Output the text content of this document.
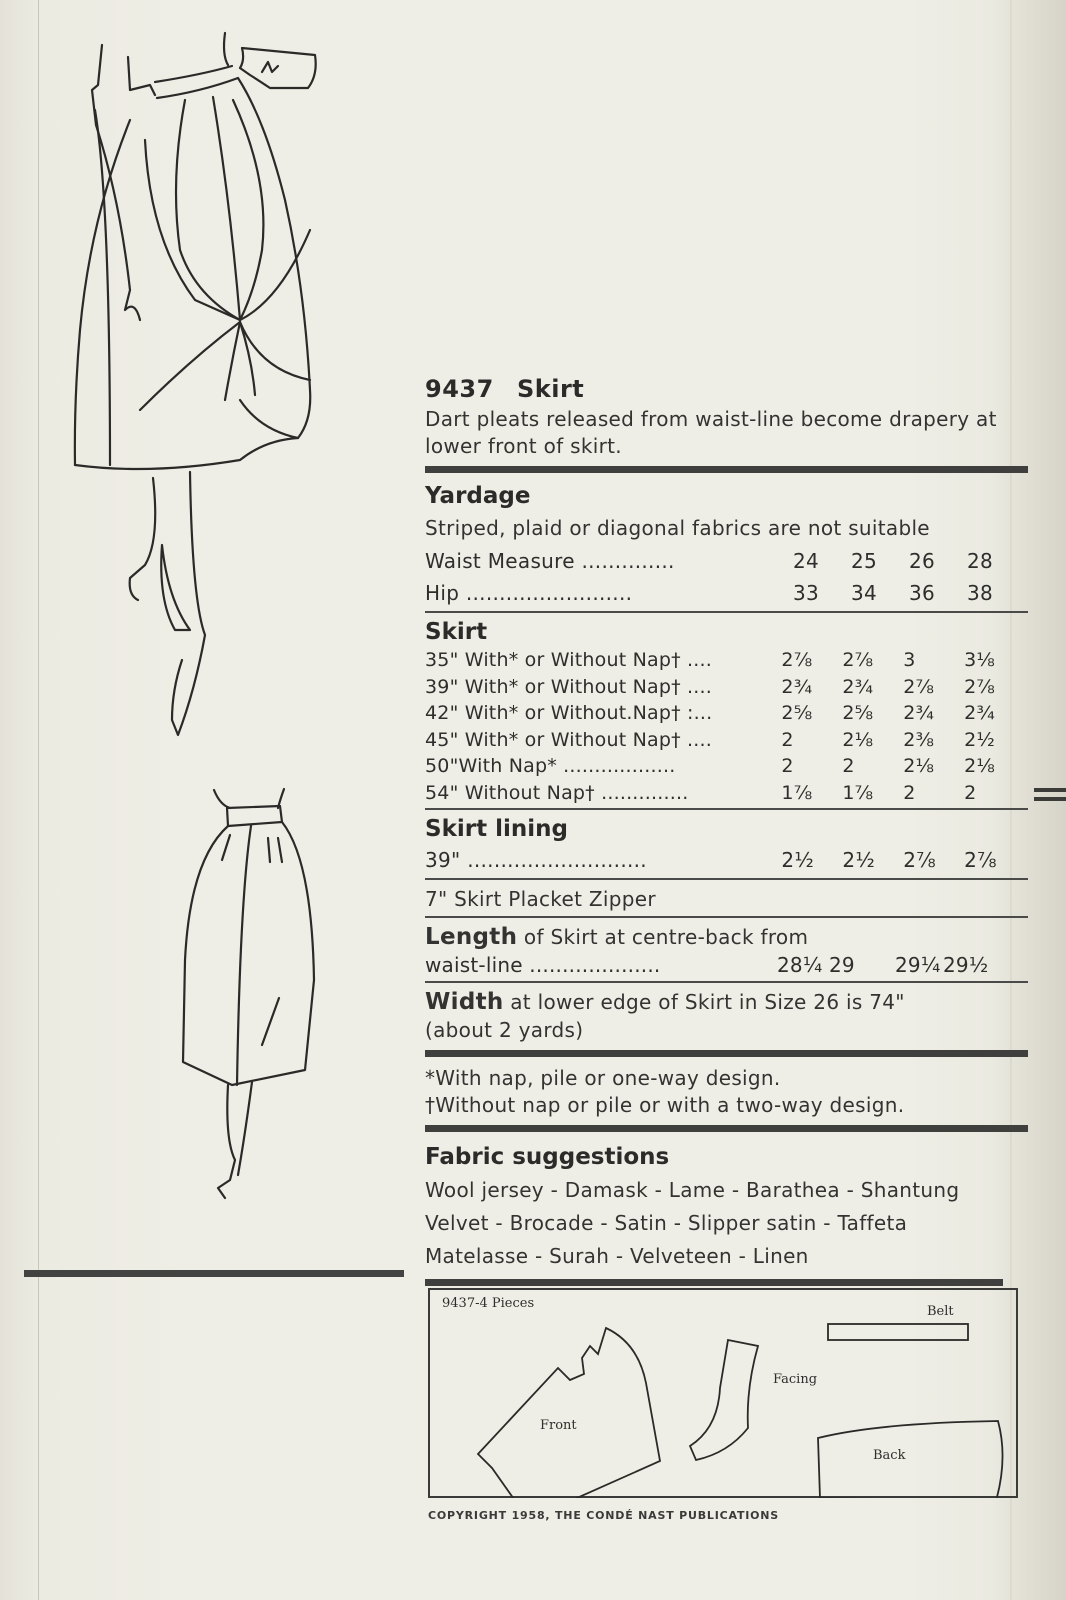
9437 Skirt
Dart pleats released from waist-line become drapery at lower front of skirt.
Yardage
Striped, plaid or diagonal fabrics are not suitable
Waist Measure ..............	24	25	26	28
Hip .........................	33	34	36	38
Skirt
35" With* or Without Nap† ....	2⅞	2⅞	3	3⅛
39" With* or Without Nap† ....	2¾	2¾	2⅞	2⅞
42" With* or Without.Nap† :...	2⅝	2⅝	2¾	2¾
45" With* or Without Nap† ....	2	2⅛	2⅜	2½
50"With Nap* ..................	2	2	2⅛	2⅛
54" Without Nap† ..............	1⅞	1⅞	2	2
Skirt lining
39" ...........................	2½	2½	2⅞	2⅞
7" Skirt Placket Zipper
Length of Skirt at centre-back from
waist-line ....................	28¼ 29	29¼ 29½
Width at lower edge of Skirt in Size 26 is 74"
(about 2 yards)
*With nap, pile or one-way design.
†Without nap or pile or with a two-way design.
Fabric suggestions
Wool jersey - Damask - Lame - Barathea - Shantung
Velvet - Brocade - Satin - Slipper satin - Taffeta
Matelasse - Surah - Velveteen - Linen
9437-4 Pieces
Belt
Facing
Front
Back
COPYRIGHT 1958, THE CONDÉ NAST PUBLICATIONS
